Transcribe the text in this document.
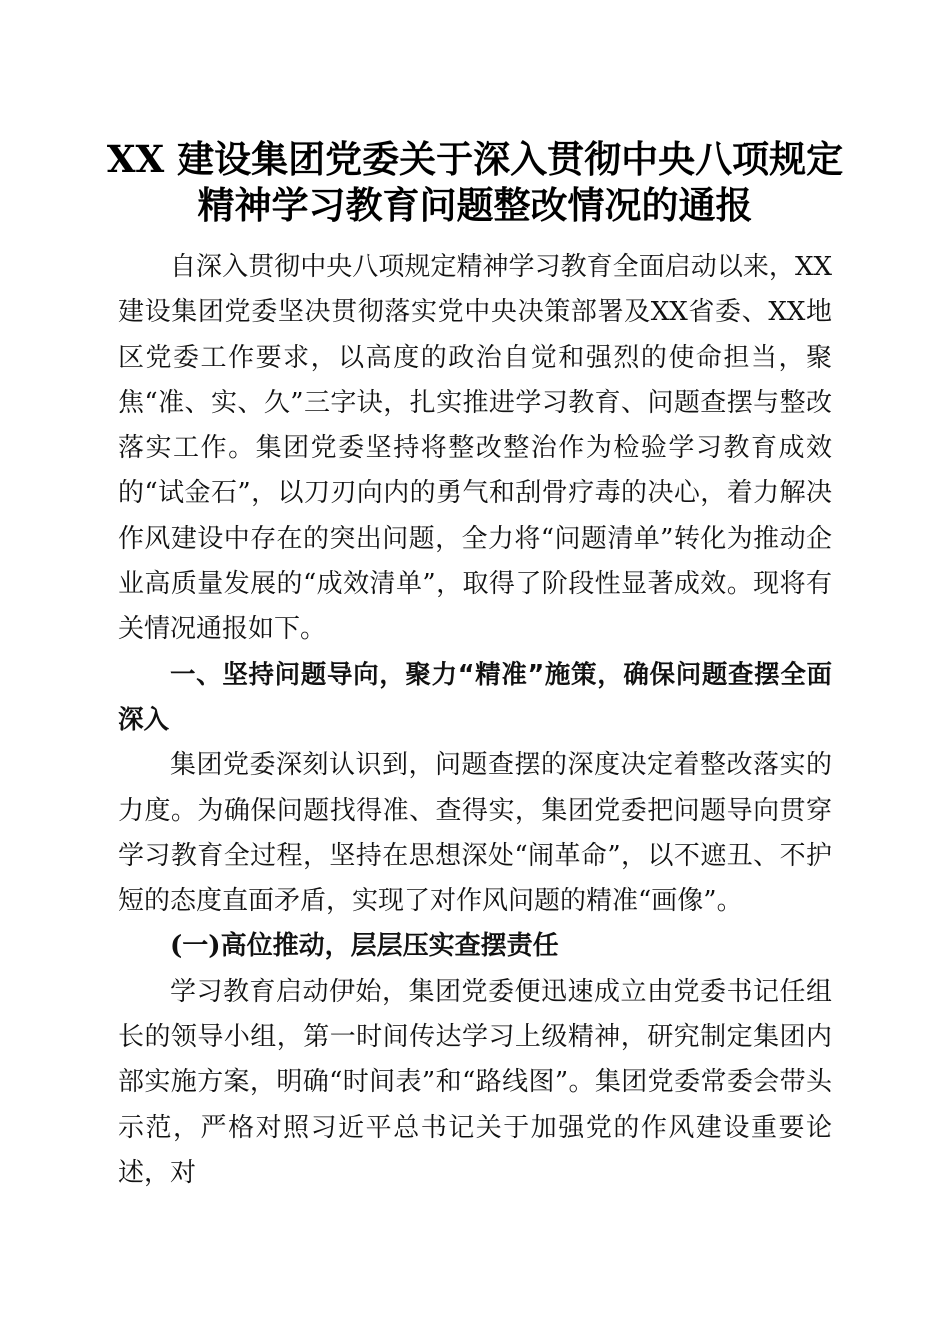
XX 建设集团党委关于深入贯彻中央八项规定
精神学习教育问题整改情况的通报

自深入贯彻中央八项规定精神学习教育全面启动以来，XX建设集团党委坚决贯彻落实党中央决策部署及XX省委、XX地区党委工作要求，以高度的政治自觉和强烈的使命担当，聚焦“准、实、久”三字诀，扎实推进学习教育、问题查摆与整改落实工作。集团党委坚持将整改整治作为检验学习教育成效的“试金石”，以刀刃向内的勇气和刮骨疗毒的决心，着力解决作风建设中存在的突出问题，全力将“问题清单”转化为推动企业高质量发展的“成效清单”，取得了阶段性显著成效。现将有关情况通报如下。

一、坚持问题导向，聚力“精准”施策，确保问题查摆全面深入

集团党委深刻认识到，问题查摆的深度决定着整改落实的力度。为确保问题找得准、查得实，集团党委把问题导向贯穿学习教育全过程，坚持在思想深处“闹革命”，以不遮丑、不护短的态度直面矛盾，实现了对作风问题的精准“画像”。

(一)高位推动，层层压实查摆责任

学习教育启动伊始，集团党委便迅速成立由党委书记任组长的领导小组，第一时间传达学习上级精神，研究制定集团内部实施方案，明确“时间表”和“路线图”。集团党委常委会带头示范，严格对照习近平总书记关于加强党的作风建设重要论述，对
